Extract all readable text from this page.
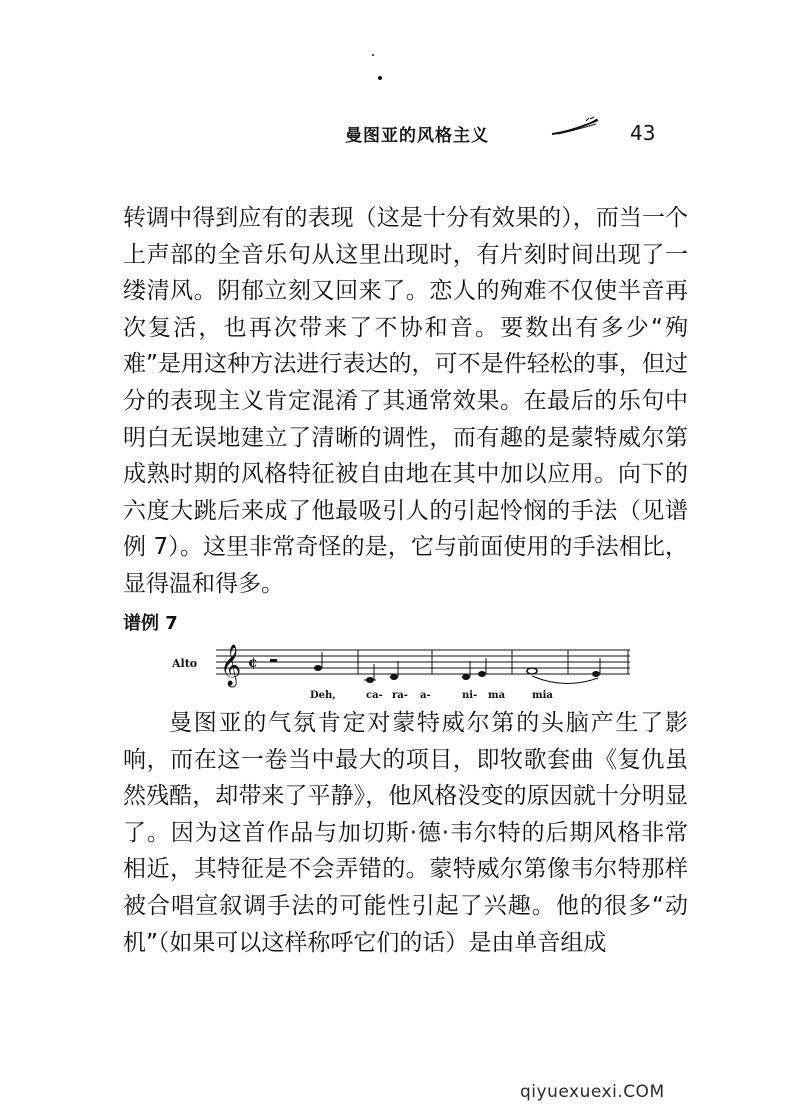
曼图亚的风格主义	43

转调中得到应有的表现（这是十分有效果的），而当一个上声部的全音乐句从这里出现时，有片刻时间出现了一缕清风。阴郁立刻又回来了。恋人的殉难不仅使半音再次复活，也再次带来了不协和音。要数出有多少“殉难”是用这种方法进行表达的，可不是件轻松的事，但过分的表现主义肯定混淆了其通常效果。在最后的乐句中明白无误地建立了清晰的调性，而有趣的是蒙特威尔第成熟时期的风格特征被自由地在其中加以应用。向下的六度大跳后来成了他最吸引人的引起怜悯的手法（见谱例 7）。这里非常奇怪的是，它与前面使用的手法相比，显得温和得多。

谱例 7
Alto 𝄞 ¢
Deh,	ca- ra- a-	ni- ma	mia

曼图亚的气氛肯定对蒙特威尔第的头脑产生了影响，而在这一卷当中最大的项目，即牧歌套曲《复仇虽然残酷，却带来了平静》，他风格没变的原因就十分明显了。因为这首作品与加切斯·德·韦尔特的后期风格非常相近，其特征是不会弄错的。蒙特威尔第像韦尔特那样被合唱宣叙调手法的可能性引起了兴趣。他的很多“动机”（如果可以这样称呼它们的话）是由单音组成

qiyuexuexi.COM
